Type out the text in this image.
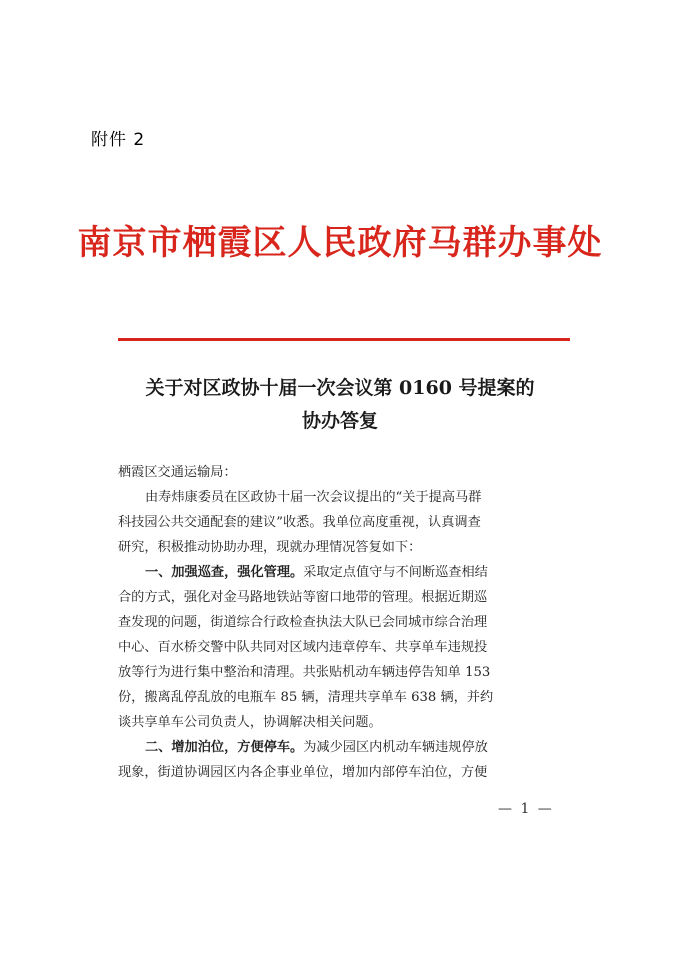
附件 2
南京市栖霞区人民政府马群办事处
关于对区政协十届一次会议第 0160 号提案的
协办答复
栖霞区交通运输局：
由寿炜康委员在区政协十届一次会议提出的“关于提高马群
科技园公共交通配套的建议”收悉。我单位高度重视，认真调查
研究，积极推动协助办理，现就办理情况答复如下：
一、加强巡查，强化管理。采取定点值守与不间断巡查相结
合的方式，强化对金马路地铁站等窗口地带的管理。根据近期巡
查发现的问题，街道综合行政检查执法大队已会同城市综合治理
中心、百水桥交警中队共同对区域内违章停车、共享单车违规投
放等行为进行集中整治和清理。共张贴机动车辆违停告知单 153
份，搬离乱停乱放的电瓶车 85 辆，清理共享单车 638 辆，并约
谈共享单车公司负责人，协调解决相关问题。
二、增加泊位，方便停车。为减少园区内机动车辆违规停放
现象，街道协调园区内各企事业单位，增加内部停车泊位，方便
— 1 —
